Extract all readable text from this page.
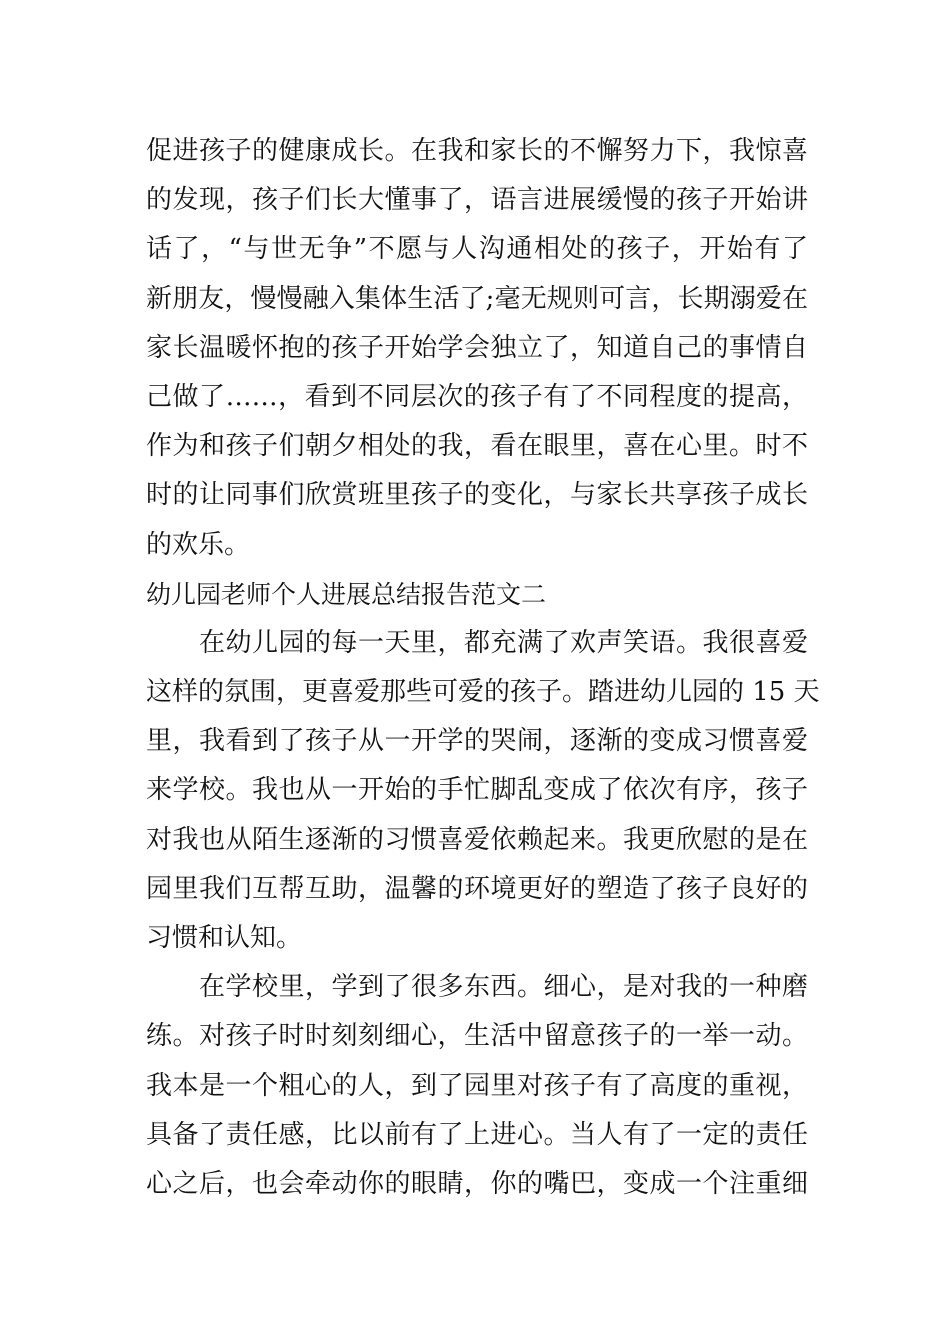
促进孩子的健康成长。在我和家长的不懈努力下，我惊喜
的发现，孩子们长大懂事了，语言进展缓慢的孩子开始讲
话了，“与世无争”不愿与人沟通相处的孩子，开始有了
新朋友，慢慢融入集体生活了;毫无规则可言，长期溺爱在
家长温暖怀抱的孩子开始学会独立了，知道自己的事情自
己做了……，看到不同层次的孩子有了不同程度的提高，
作为和孩子们朝夕相处的我，看在眼里，喜在心里。时不
时的让同事们欣赏班里孩子的变化，与家长共享孩子成长
的欢乐。
幼儿园老师个人进展总结报告范文二
　　在幼儿园的每一天里，都充满了欢声笑语。我很喜爱
这样的氛围，更喜爱那些可爱的孩子。踏进幼儿园的 15 天
里，我看到了孩子从一开学的哭闹，逐渐的变成习惯喜爱
来学校。我也从一开始的手忙脚乱变成了依次有序，孩子
对我也从陌生逐渐的习惯喜爱依赖起来。我更欣慰的是在
园里我们互帮互助，温馨的环境更好的塑造了孩子良好的
习惯和认知。
　　在学校里，学到了很多东西。细心，是对我的一种磨
练。对孩子时时刻刻细心，生活中留意孩子的一举一动。
我本是一个粗心的人，到了园里对孩子有了高度的重视，
具备了责任感，比以前有了上进心。当人有了一定的责任
心之后，也会牵动你的眼睛，你的嘴巴，变成一个注重细
